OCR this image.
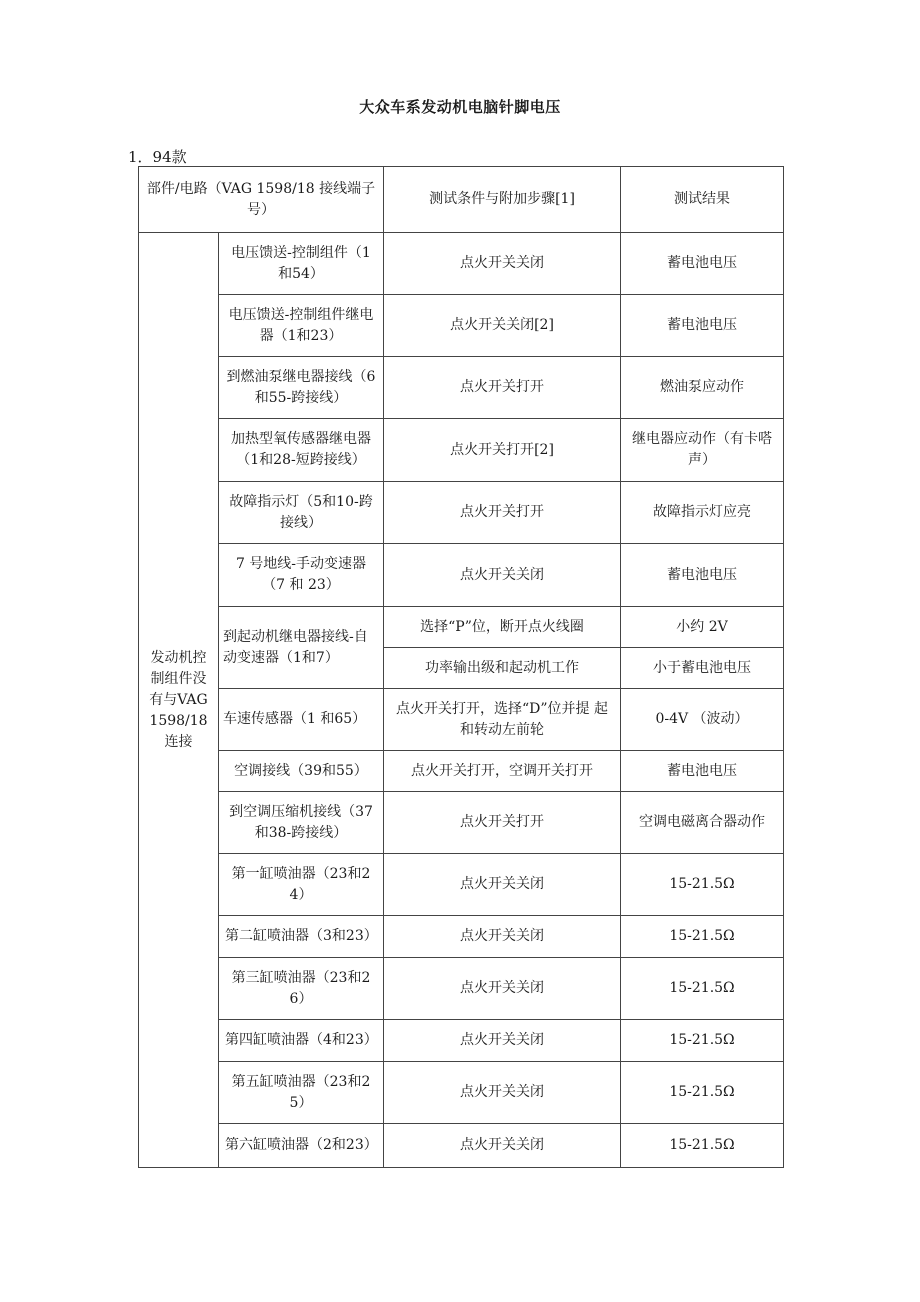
大众车系发动机电脑针脚电压
1．94款
部件/电路（VAG 1598/18 接线端子 号）		测试条件与附加步骤[1]	测试结果
发动机控制组件没有与VAG 1598/18连接	电压馈送-控制组件（1 和54）	点火开关关闭	蓄电池电压
	电压馈送-控制组件继电器（1和23）	点火开关关闭[2]	蓄电池电压
	到燃油泵继电器接线（6和55-跨接线）	点火开关打开	燃油泵应动作
	加热型氧传感器继电器（1和28-短跨接线）	点火开关打开[2]	继电器应动作（有卡嗒 声）
	故障指示灯（5和10-跨 接线）	点火开关打开	故障指示灯应亮
	7 号地线-手动变速器（7 和 23）	点火开关关闭	蓄电池电压
	到起动机继电器接线-自动变速器（1和7）	选择“P”位，断开点火线圈	小约 2V
		功率输出级和起动机工作	小于蓄电池电压
	车速传感器（1 和65）	点火开关打开，选择“D”位并提 起和转动左前轮	0-4V （波动）
	空调接线（39和55）	点火开关打开，空调开关打开	蓄电池电压
	到空调压缩机接线（37 和38-跨接线）	点火开关打开	空调电磁离合器动作
	第一缸喷油器（23和24）	点火开关关闭	15-21.5Ω
	第二缸喷油器（3和23）	点火开关关闭	15-21.5Ω
	第三缸喷油器（23和26）	点火开关关闭	15-21.5Ω
	第四缸喷油器（4和23）	点火开关关闭	15-21.5Ω
	第五缸喷油器（23和25）	点火开关关闭	15-21.5Ω
	第六缸喷油器（2和23）	点火开关关闭	15-21.5Ω
